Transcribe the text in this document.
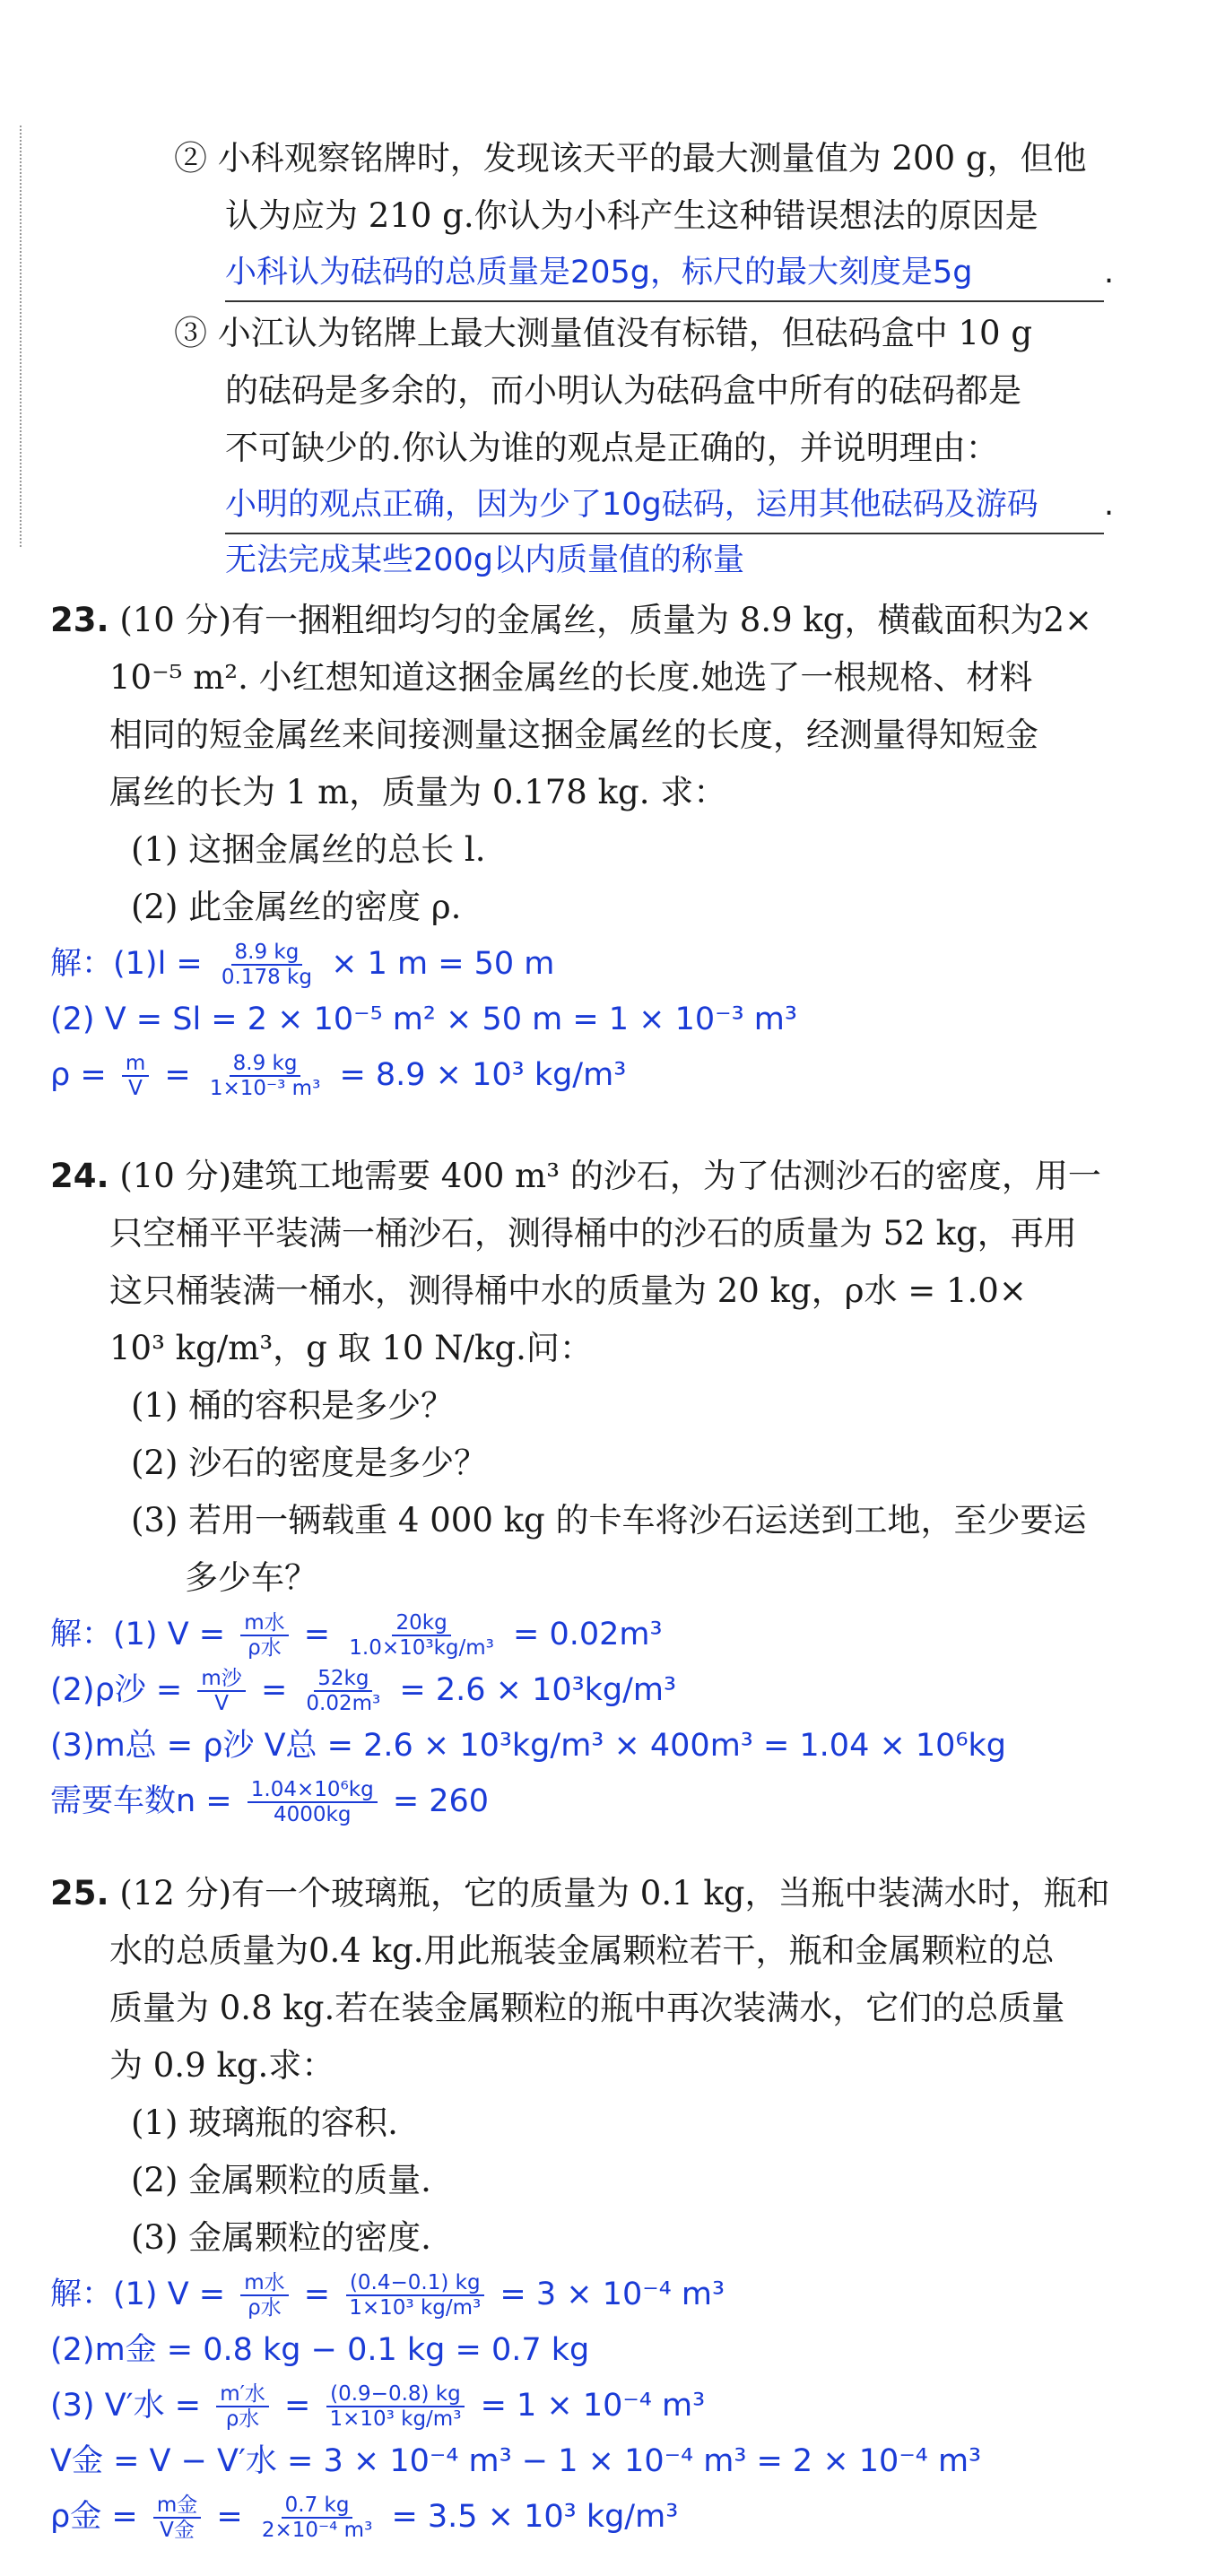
② 小科观察铭牌时，发现该天平的最大测量值为 200 g，但他
认为应为 210 g.你认为小科产生这种错误想法的原因是
小科认为砝码的总质量是205g，标尺的最大刻度是5g	.
③ 小江认为铭牌上最大测量值没有标错，但砝码盒中 10 g
的砝码是多余的，而小明认为砝码盒中所有的砝码都是
不可缺少的.你认为谁的观点是正确的，并说明理由：
小明的观点正确，因为少了10g砝码，运用其他砝码及游码 .
无法完成某些200g以内质量值的称量
23. (10 分)有一捆粗细均匀的金属丝，质量为 8.9 kg，横截面积为2×
10⁻⁵ m². 小红想知道这捆金属丝的长度.她选了一根规格、材料
相同的短金属丝来间接测量这捆金属丝的长度，经测量得知短金
属丝的长为 1 m，质量为 0.178 kg. 求：
(1) 这捆金属丝的总长 l.
(2) 此金属丝的密度 ρ.
解：$(1)l = \frac{8.9 kg}{0.178 kg} \times 1$ m = 50 m
(2) V = Sl = 2 × 10⁻⁵ m² × 50 m = 1 × 10⁻³ m³
$\rho = \frac{m}{V} = \frac{8.9 kg}{\text{1×10⁻³ m³}} = 8.9 \times 10^3$ kg/m³
24. (10 分)建筑工地需要 400 m³ 的沙石，为了估测沙石的密度，用一
只空桶平平装满一桶沙石，测得桶中的沙石的质量为 52 kg，再用
这只桶装满一桶水，测得桶中水的质量为 20 kg，ρ水 = 1.0×
10³ kg/m³，g 取 10 N/kg.问：
(1) 桶的容积是多少？
(2) 沙石的密度是多少？
(3) 若用一辆载重 4 000 kg 的卡车将沙石运送到工地，至少要运
多少车？
解：(1) $V = \frac{\text{m水}}{\text{ρ水}} = \frac{20kg}{\text{1.0×10³kg/m³}} = 0.02m^3$
(2)ρ沙 = $\frac{\text{m沙}}{V} = \frac{52kg}{\text{0.02m³}} = 2.6 \times 10^3kg/m^3$
(3)m总 = ρ沙 V总 = 2.6 × 10³kg/m³ × 400m³ = 1.04 × 10⁶kg
需要车数$n = \frac{\text{1.04×10⁶kg}}{4000kg} = 260$
25. (12 分)有一个玻璃瓶，它的质量为 0.1 kg，当瓶中装满水时，瓶和
水的总质量为0.4 kg.用此瓶装金属颗粒若干，瓶和金属颗粒的总
质量为 0.8 kg.若在装金属颗粒的瓶中再次装满水，它们的总质量
为 0.9 kg.求：
(1) 玻璃瓶的容积.
(2) 金属颗粒的质量.
(3) 金属颗粒的密度.
解：(1) $V = \frac{\text{m水}}{\text{ρ水}} = \frac{(0.4-0.1) kg}{\text{1×10³ kg/m³}} = 3 \times 10^{-4}$ m³
(2)m金 = 0.8 kg − 0.1 kg = 0.7 kg
(3) V′水 = $\frac{\text{m′水}}{\text{ρ水}} = \frac{(0.9-0.8) kg}{\text{1×10³ kg/m³}} = 1 \times 10^{-4}$ m³
V金 = V − V′水 = 3 × 10⁻⁴ m³ − 1 × 10⁻⁴ m³ = 2 × 10⁻⁴ m³
ρ金 = $\frac{\text{m金}}{\text{V金}} = \frac{0.7 kg}{\text{2×10⁻⁴ m³}} = 3.5 \times 10^3$ kg/m³
